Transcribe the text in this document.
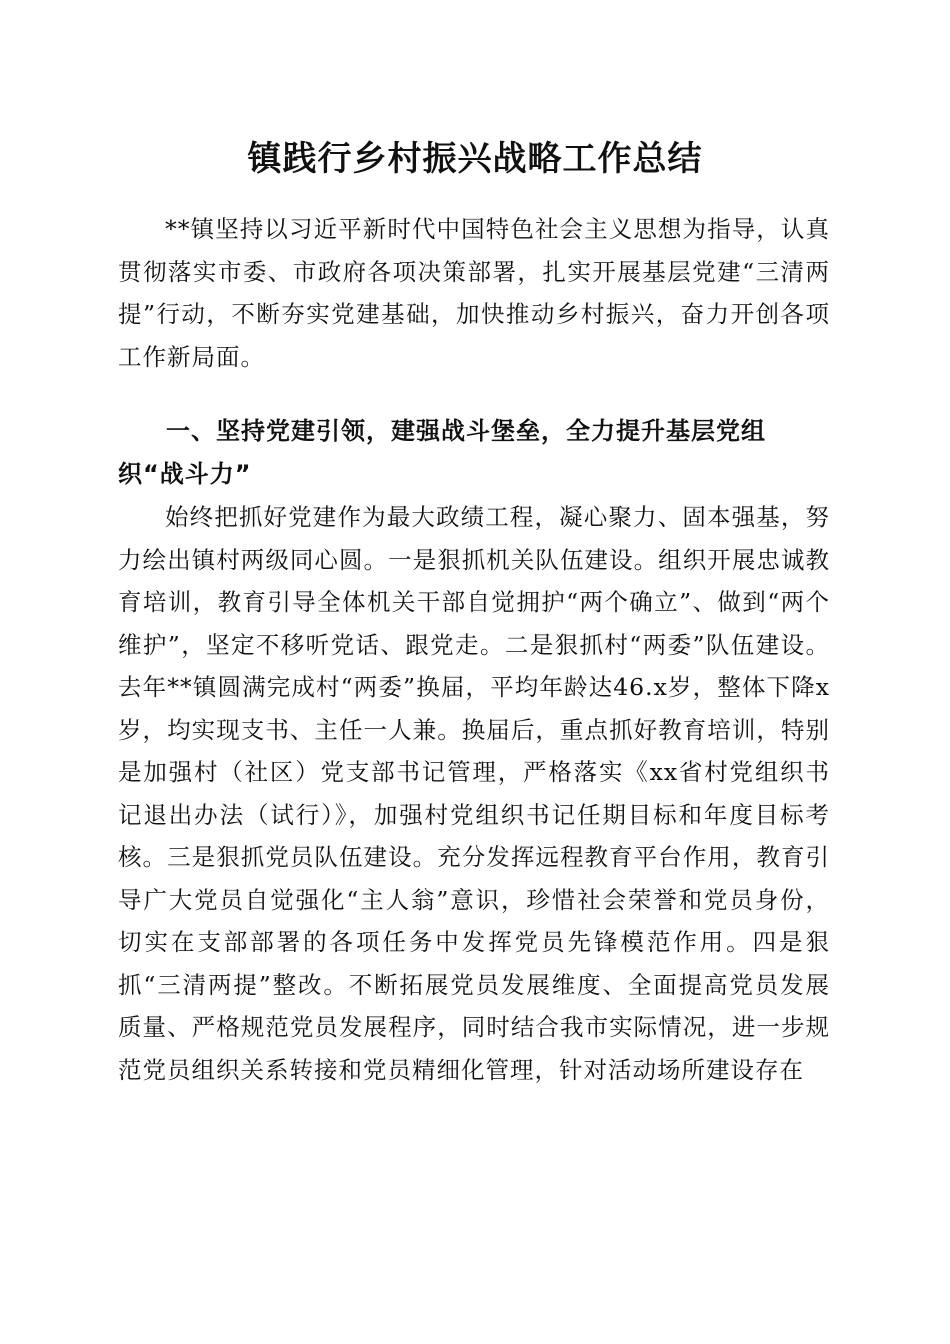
镇践行乡村振兴战略工作总结

**镇坚持以习近平新时代中国特色社会主义思想为指导，认真贯彻落实市委、市政府各项决策部署，扎实开展基层党建“三清两提”行动，不断夯实党建基础，加快推动乡村振兴，奋力开创各项工作新局面。

一、坚持党建引领，建强战斗堡垒，全力提升基层党组织“战斗力”

始终把抓好党建作为最大政绩工程，凝心聚力、固本强基，努力绘出镇村两级同心圆。一是狠抓机关队伍建设。组织开展忠诚教育培训，教育引导全体机关干部自觉拥护“两个确立”、做到“两个维护”，坚定不移听党话、跟党走。二是狠抓村“两委”队伍建设。去年**镇圆满完成村“两委”换届，平均年龄达46.x岁，整体下降x岁，均实现支书、主任一人兼。换届后，重点抓好教育培训，特别是加强村（社区）党支部书记管理，严格落实《xx省村党组织书记退出办法（试行）》，加强村党组织书记任期目标和年度目标考核。三是狠抓党员队伍建设。充分发挥远程教育平台作用，教育引导广大党员自觉强化“主人翁”意识，珍惜社会荣誉和党员身份，切实在支部部署的各项任务中发挥党员先锋模范作用。四是狠抓“三清两提”整改。不断拓展党员发展维度、全面提高党员发展质量、严格规范党员发展程序，同时结合我市实际情况，进一步规范党员组织关系转接和党员精细化管理，针对活动场所建设存在
